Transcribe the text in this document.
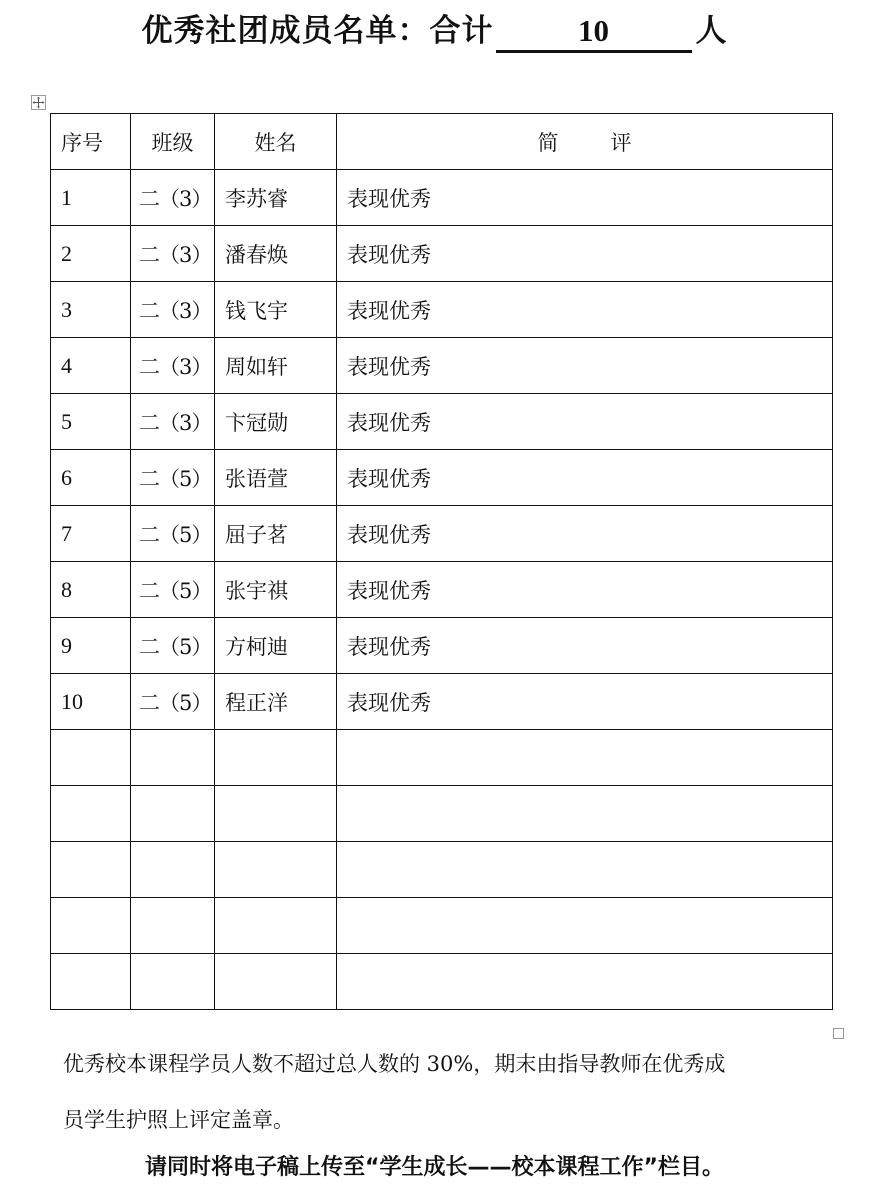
优秀社团成员名单：合计	10	人
序号	班级	姓名	简 评
1	二（3）	李苏睿	表现优秀
2	二（3）	潘春焕	表现优秀
3	二（3）	钱飞宇	表现优秀
4	二（3）	周如轩	表现优秀
5	二（3）	卞冠勋	表现优秀
6	二（5）	张语萱	表现优秀
7	二（5）	屈子茗	表现优秀
8	二（5）	张宇祺	表现优秀
9	二（5）	方柯迪	表现优秀
10	二（5）	程正洋	表现优秀

优秀校本课程学员人数不超过总人数的 30%，期末由指导教师在优秀成
员学生护照上评定盖章。
请同时将电子稿上传至“学生成长——校本课程工作”栏目。
